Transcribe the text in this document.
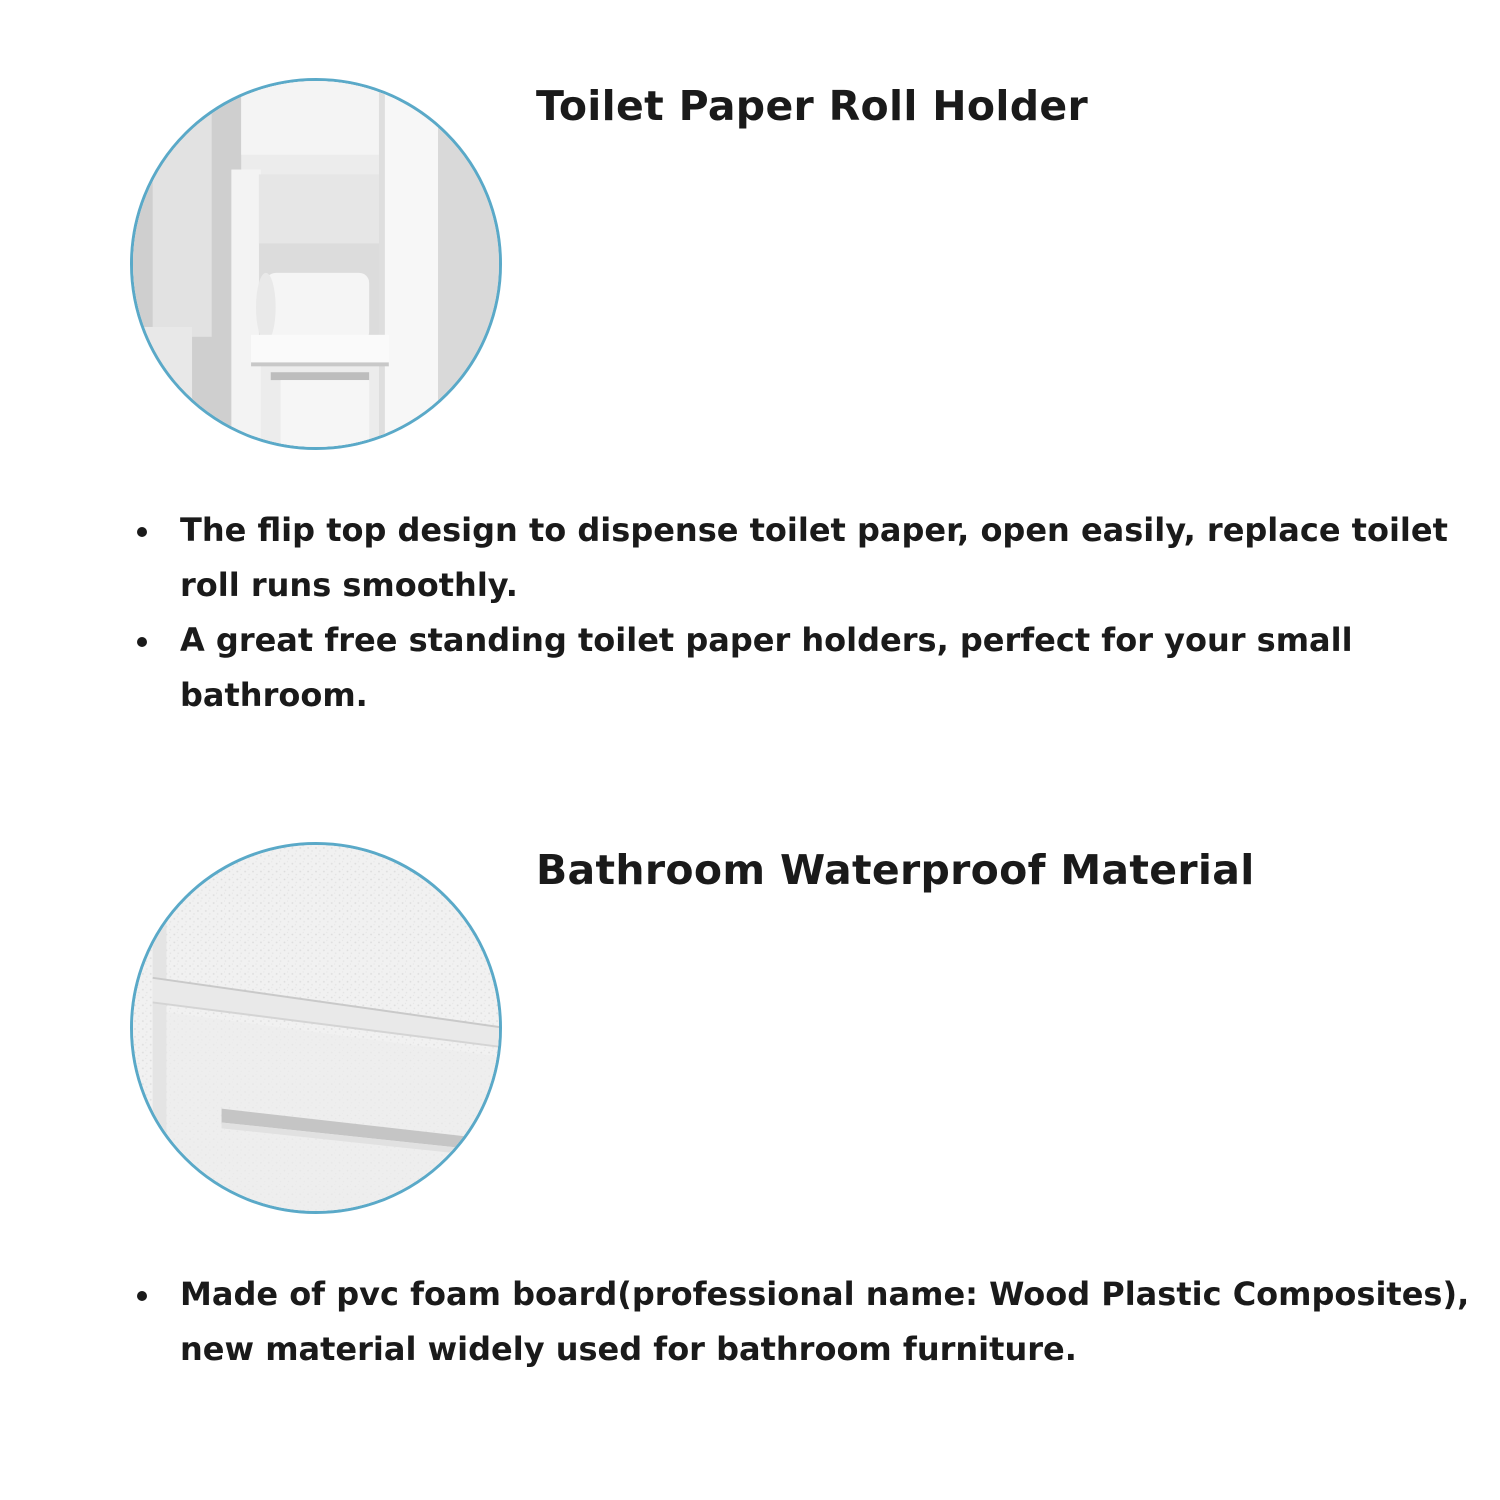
Toilet Paper Roll Holder
The flip top design to dispense toilet paper, open easily, replace toilet roll runs smoothly.
A great free standing toilet paper holders, perfect for your small bathroom.
Bathroom Waterproof Material
Made of pvc foam board(professional name: Wood Plastic Composites), new material widely used for bathroom furniture.
